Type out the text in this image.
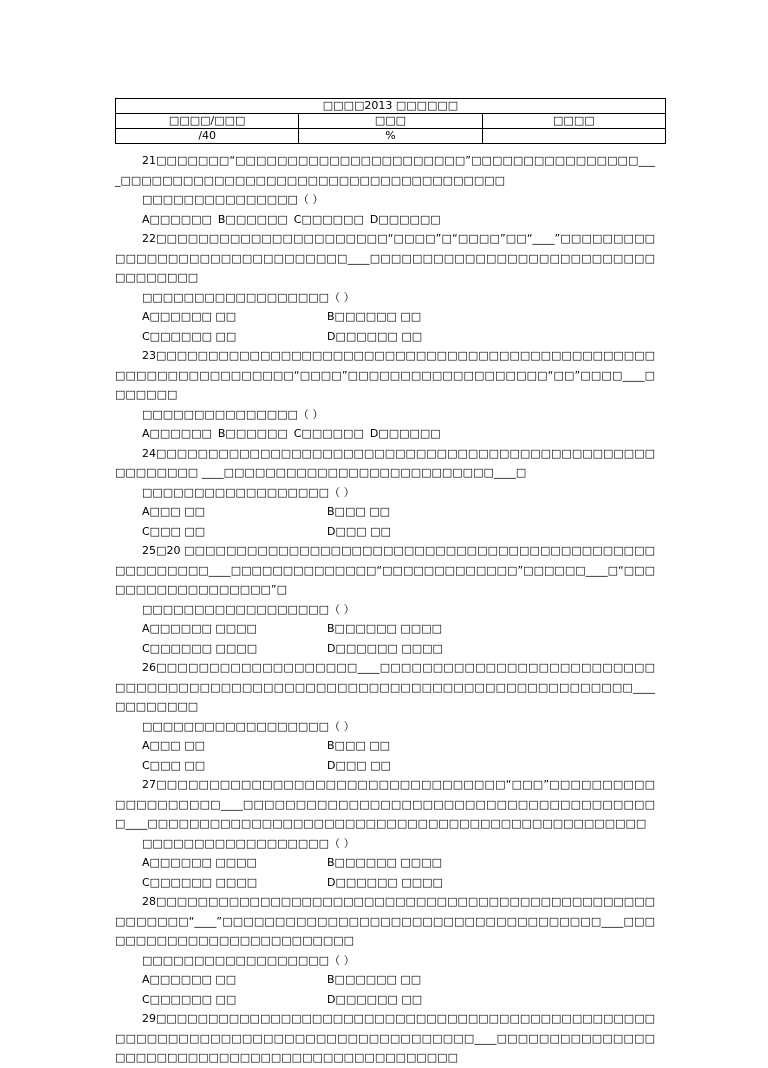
□□□□2013 □□□□□□		
□□□□/□□□	□□□	□□□□
/40	%	

21□□□□□□□“□□□□□□□□□□□□□□□□□□□□□□”□□□□□□□□□□□□□□□□____□□□□□□□□□□□□□□□□□□□□□□□□□□□□□□□□□□□□□

□□□□□□□□□□□□□□□（ ）

A□□□□□□ B□□□□□□ C□□□□□□ D□□□□□□

22□□□□□□□□□□□□□□□□□□□□□□“□□□□”□“□□□□”□□“____”□□□□□□□□□□□□□□□□□□□□□□□□□□□□□□□____□□□□□□□□□□□□□□□□□□□□□□□□□□□□□□□□□□□

□□□□□□□□□□□□□□□□□□（ ）

A□□□□□□ □□	B□□□□□□ □□
C□□□□□□ □□	D□□□□□□ □□

23□□□□□□□□□□□□□□□□□□□□□□□□□□□□□□□□□□□□□□□□□□□□□□□□□□□□□□□□□□□□□□□□□“□□□□”□□□□□□□□□□□□□□□□□□□“□□”□□□□____□□□□□□□

□□□□□□□□□□□□□□□（ ）

A□□□□□□ B□□□□□□ C□□□□□□ D□□□□□□

24□□□□□□□□□□□□□□□□□□□□□□□□□□□□□□□□□□□□□□□□□□□□□□□□□□□□□□□□ ____□□□□□□□□□□□□□□□□□□□□□□□□□□____□

□□□□□□□□□□□□□□□□□□（ ）

A□□□ □□	B□□□ □□
C□□□ □□	D□□□ □□

25□20 □□□□□□□□□□□□□□□□□□□□□□□□□□□□□□□□□□□□□□□□□□□□□□□□□□□□□□____□□□□□□□□□□□□□□“□□□□□□□□□□□□□”□□□□□□____□“□□□□□□□□□□□□□□□□□□”□

□□□□□□□□□□□□□□□□□□（ ）

A□□□□□□ □□□□	B□□□□□□ □□□□
C□□□□□□ □□□□	D□□□□□□ □□□□

26□□□□□□□□□□□□□□□□□□□____□□□□□□□□□□□□□□□□□□□□□□□□□□□□□□□□□□□□□□□□□□□□□□□□□□□□□□□□□□□□□□□□□□□□□□□□□□□____□□□□□□□□

□□□□□□□□□□□□□□□□□□（ ）

A□□□ □□	B□□□ □□
C□□□ □□	D□□□ □□

27□□□□□□□□□□□□□□□□□□□□□□□□□□□□□□□□□“□□□”□□□□□□□□□□□□□□□□□□□□____□□□□□□□□□□□□□□□□□□□□□□□□□□□□□□□□□□□□□□□□____□□□□□□□□□□□□□□□□□□□□□□□□□□□□□□□□□□□□□□□□□□□□□□□□

□□□□□□□□□□□□□□□□□□（ ）

A□□□□□□ □□□□	B□□□□□□ □□□□
C□□□□□□ □□□□	D□□□□□□ □□□□

28□□□□□□□□□□□□□□□□□□□□□□□□□□□□□□□□□□□□□□□□□□□□□□□□□□□□□□□“____”□□□□□□□□□□□□□□□□□□□□□□□□□□□□□□□□□□□□____□□□□□□□□□□□□□□□□□□□□□□□□□□

□□□□□□□□□□□□□□□□□□（ ）

A□□□□□□ □□	B□□□□□□ □□
C□□□□□□ □□	D□□□□□□ □□

29□□□□□□□□□□□□□□□□□□□□□□□□□□□□□□□□□□□□□□□□□□□□□□□□□□□□□□□□□□□□□□□□□□□□□□□□□□□□□□□□□□____□□□□□□□□□□□□□□□□□□□□□□□□□□□□□□□□□□□□□□□□□□□□□□□□
